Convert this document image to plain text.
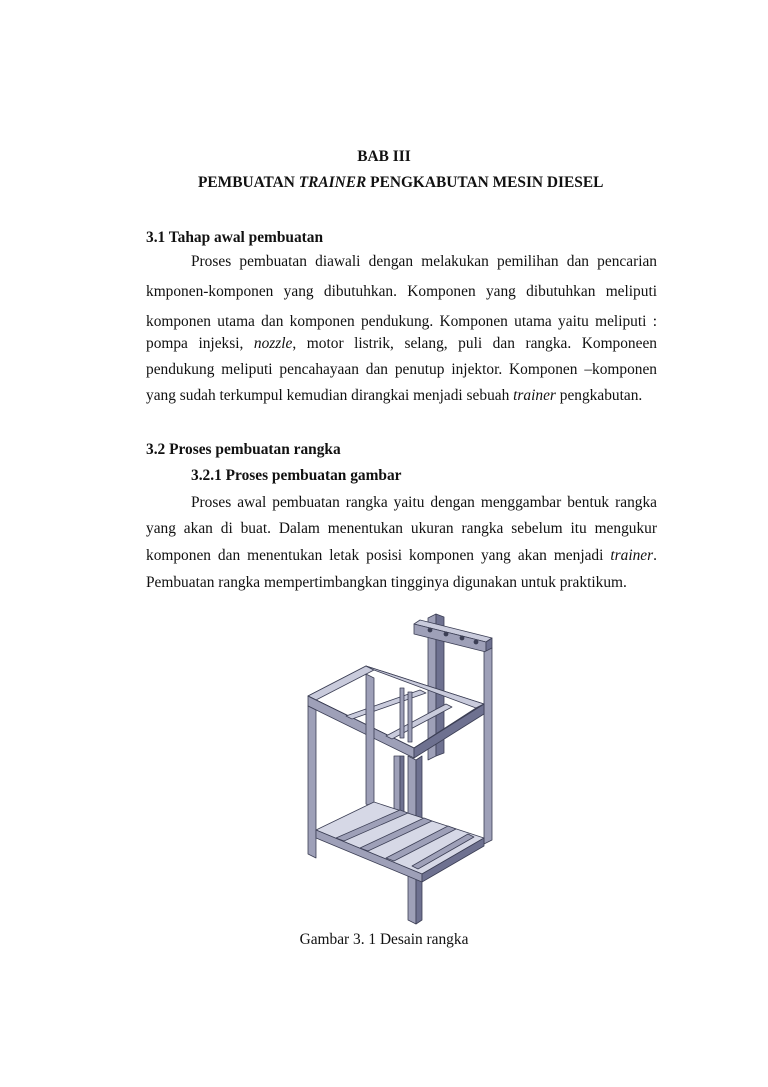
BAB III
PEMBUATAN TRAINER PENGKABUTAN MESIN DIESEL
3.1 Tahap awal pembuatan
Proses pembuatan diawali dengan melakukan pemilihan dan pencarian
kmponen-komponen yang dibutuhkan. Komponen yang dibutuhkan meliputi
komponen utama dan komponen pendukung. Komponen utama yaitu meliputi :
pompa injeksi, nozzle, motor listrik, selang, puli dan rangka. Komponeen
pendukung meliputi pencahayaan dan penutup injektor. Komponen –komponen
yang sudah terkumpul kemudian dirangkai menjadi sebuah trainer pengkabutan.
3.2 Proses pembuatan rangka
3.2.1 Proses pembuatan gambar
Proses awal pembuatan rangka yaitu dengan menggambar bentuk rangka
yang akan di buat. Dalam menentukan ukuran rangka sebelum itu mengukur
komponen dan menentukan letak posisi komponen yang akan menjadi trainer.
Pembuatan rangka mempertimbangkan tingginya digunakan untuk praktikum.
Gambar 3. 1 Desain rangka
